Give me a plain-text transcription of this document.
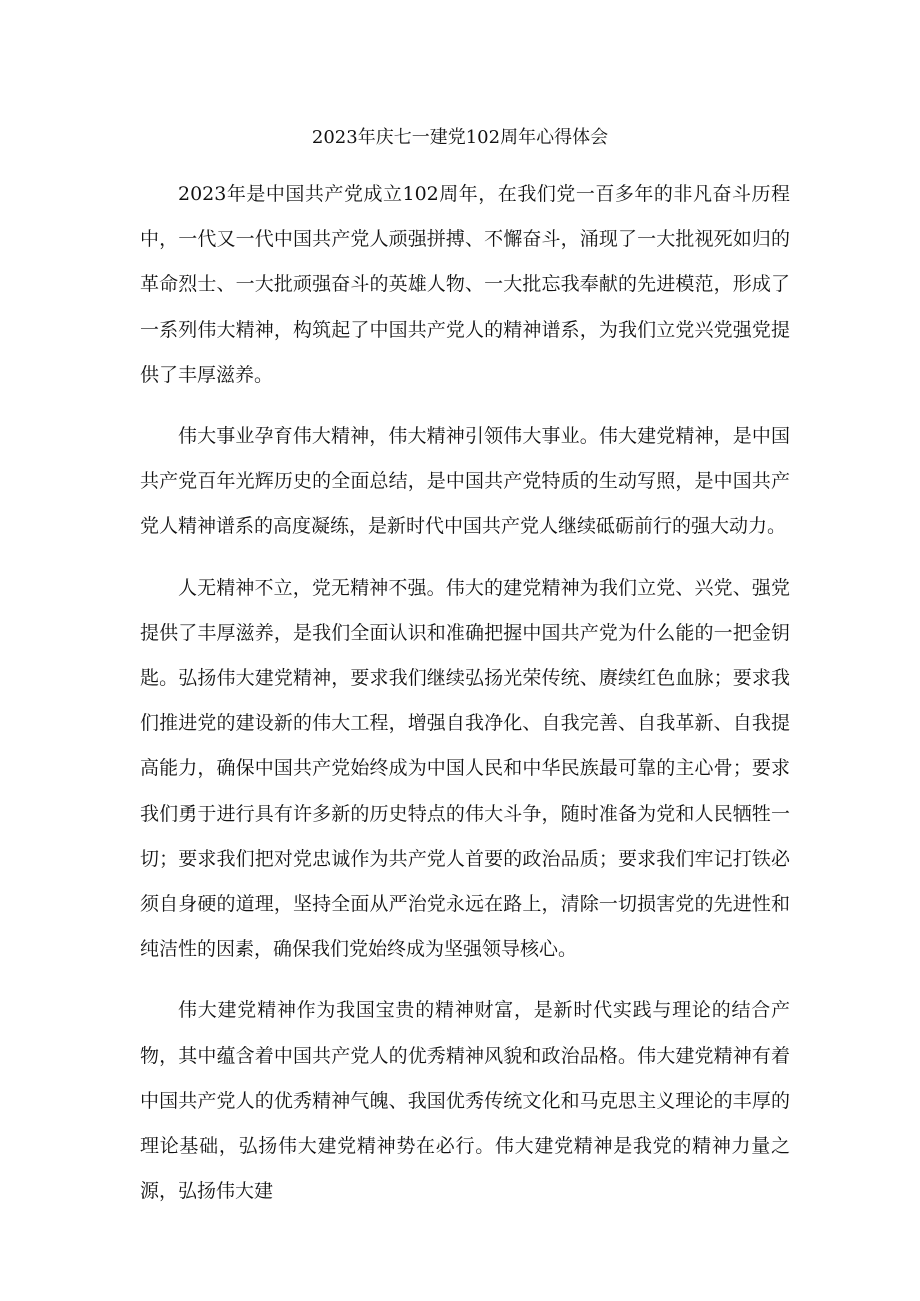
2023年庆七一建党102周年心得体会

2023年是中国共产党成立102周年，在我们党一百多年的非凡奋斗历程中，一代又一代中国共产党人顽强拼搏、不懈奋斗，涌现了一大批视死如归的革命烈士、一大批顽强奋斗的英雄人物、一大批忘我奉献的先进模范，形成了一系列伟大精神，构筑起了中国共产党人的精神谱系，为我们立党兴党强党提供了丰厚滋养。

伟大事业孕育伟大精神，伟大精神引领伟大事业。伟大建党精神，是中国共产党百年光辉历史的全面总结，是中国共产党特质的生动写照，是中国共产党人精神谱系的高度凝练，是新时代中国共产党人继续砥砺前行的强大动力。

人无精神不立，党无精神不强。伟大的建党精神为我们立党、兴党、强党提供了丰厚滋养，是我们全面认识和准确把握中国共产党为什么能的一把金钥匙。弘扬伟大建党精神，要求我们继续弘扬光荣传统、赓续红色血脉；要求我们推进党的建设新的伟大工程，增强自我净化、自我完善、自我革新、自我提高能力，确保中国共产党始终成为中国人民和中华民族最可靠的主心骨；要求我们勇于进行具有许多新的历史特点的伟大斗争，随时准备为党和人民牺牲一切；要求我们把对党忠诚作为共产党人首要的政治品质；要求我们牢记打铁必须自身硬的道理，坚持全面从严治党永远在路上，清除一切损害党的先进性和纯洁性的因素，确保我们党始终成为坚强领导核心。

伟大建党精神作为我国宝贵的精神财富，是新时代实践与理论的结合产物，其中蕴含着中国共产党人的优秀精神风貌和政治品格。伟大建党精神有着中国共产党人的优秀精神气魄、我国优秀传统文化和马克思主义理论的丰厚的理论基础，弘扬伟大建党精神势在必行。伟大建党精神是我党的精神力量之源，弘扬伟大建
